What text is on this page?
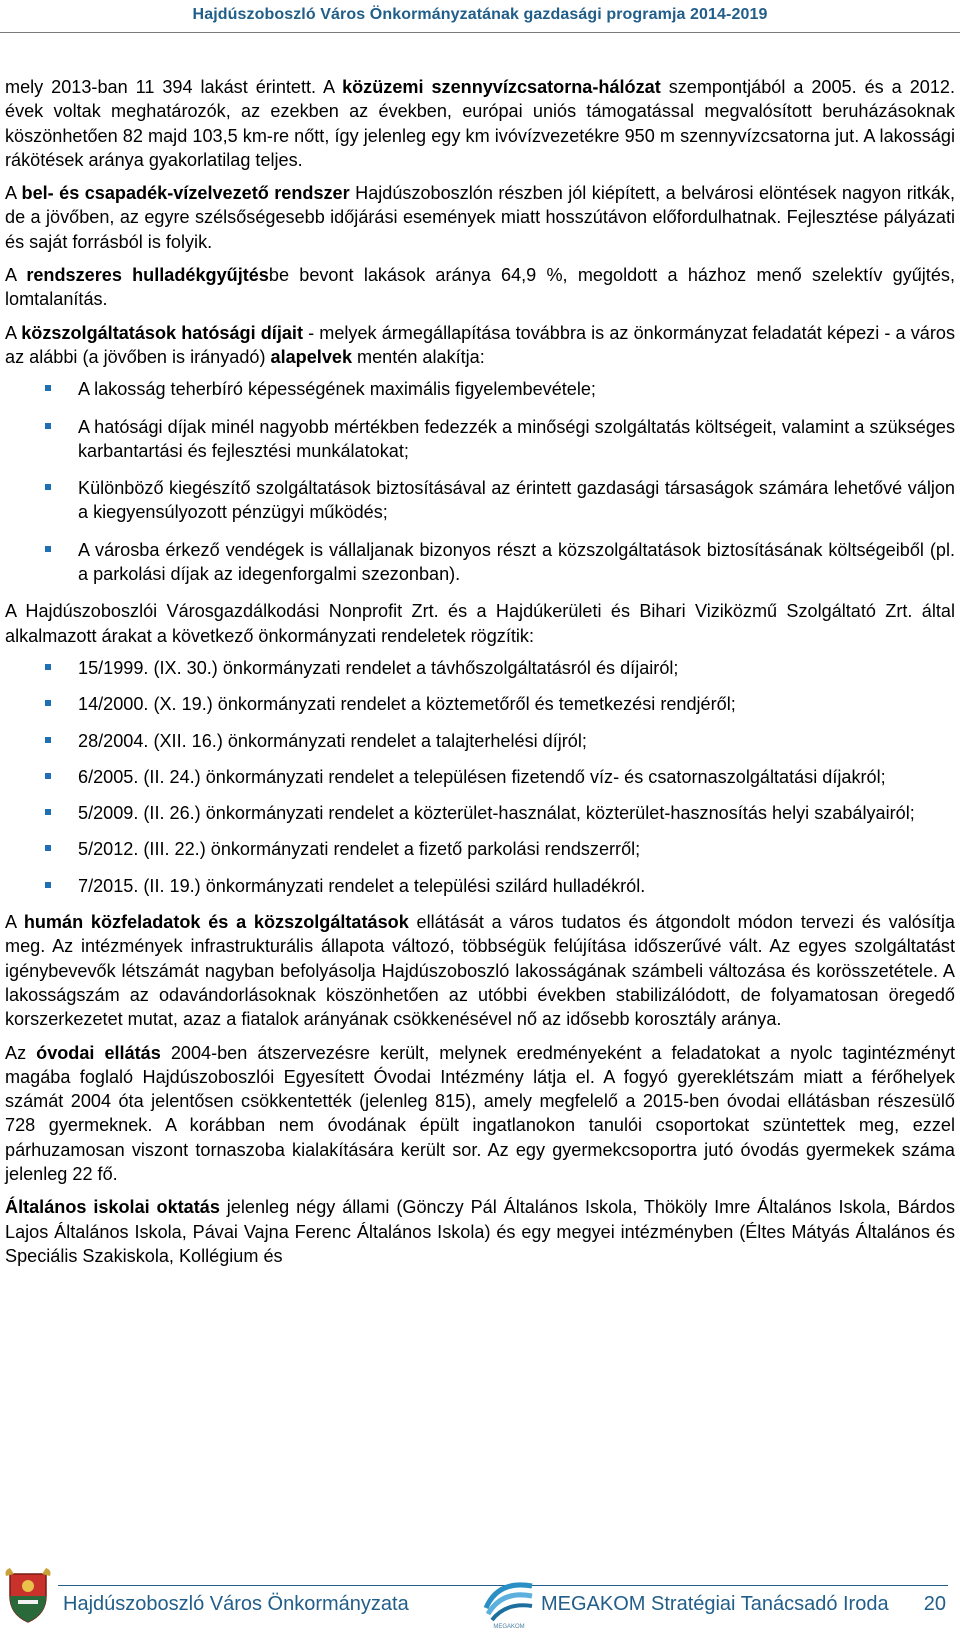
Hajdúszoboszló Város Önkormányzatának gazdasági programja 2014-2019

mely 2013-ban 11 394 lakást érintett. A közüzemi szennyvízcsatorna-hálózat szempontjából a 2005. és a 2012. évek voltak meghatározók, az ezekben az években, európai uniós támogatással megvalósított beruházásoknak köszönhetően 82 majd 103,5 km-re nőtt, így jelenleg egy km ivóvízvezetékre 950 m szennyvízcsatorna jut. A lakossági rákötések aránya gyakorlatilag teljes.

A bel- és csapadék-vízelvezető rendszer Hajdúszoboszlón részben jól kiépített, a belvárosi elöntések nagyon ritkák, de a jövőben, az egyre szélsőségesebb időjárási események miatt hosszútávon előfordulhatnak. Fejlesztése pályázati és saját forrásból is folyik.

A rendszeres hulladékgyűjtésbe bevont lakások aránya 64,9 %, megoldott a házhoz menő szelektív gyűjtés, lomtalanítás.

A közszolgáltatások hatósági díjait - melyek ármegállapítása továbbra is az önkormányzat feladatát képezi - a város az alábbi (a jövőben is irányadó) alapelvek mentén alakítja:

A lakosság teherbíró képességének maximális figyelembevétele;
A hatósági díjak minél nagyobb mértékben fedezzék a minőségi szolgáltatás költségeit, valamint a szükséges karbantartási és fejlesztési munkálatokat;
Különböző kiegészítő szolgáltatások biztosításával az érintett gazdasági társaságok számára lehetővé váljon a kiegyensúlyozott pénzügyi működés;
A városba érkező vendégek is vállaljanak bizonyos részt a közszolgáltatások biztosításának költségeiből (pl. a parkolási díjak az idegenforgalmi szezonban).

A Hajdúszoboszlói Városgazdálkodási Nonprofit Zrt. és a Hajdúkerületi és Bihari Viziközmű Szolgáltató Zrt. által alkalmazott árakat a következő önkormányzati rendeletek rögzítik:

15/1999. (IX. 30.) önkormányzati rendelet a távhőszolgáltatásról és díjairól;
14/2000. (X. 19.) önkormányzati rendelet a köztemetőről és temetkezési rendjéről;
28/2004. (XII. 16.) önkormányzati rendelet a talajterhelési díjról;
6/2005. (II. 24.) önkormányzati rendelet a településen fizetendő víz- és csatornaszolgáltatási díjakról;
5/2009. (II. 26.) önkormányzati rendelet a közterület-használat, közterület-hasznosítás helyi szabályairól;
5/2012. (III. 22.) önkormányzati rendelet a fizető parkolási rendszerről;
7/2015. (II. 19.) önkormányzati rendelet a települési szilárd hulladékról.

A humán közfeladatok és a közszolgáltatások ellátását a város tudatos és átgondolt módon tervezi és valósítja meg. Az intézmények infrastrukturális állapota változó, többségük felújítása időszerűvé vált. Az egyes szolgáltatást igénybevevők létszámát nagyban befolyásolja Hajdúszoboszló lakosságának számbeli változása és korösszetétele. A lakosságszám az odavándorlásoknak köszönhetően az utóbbi években stabilizálódott, de folyamatosan öregedő korszerkezetet mutat, azaz a fiatalok arányának csökkenésével nő az idősebb korosztály aránya.

Az óvodai ellátás 2004-ben átszervezésre került, melynek eredményeként a feladatokat a nyolc tagintézményt magába foglaló Hajdúszoboszlói Egyesített Óvodai Intézmény látja el. A fogyó gyereklétszám miatt a férőhelyek számát 2004 óta jelentősen csökkentették (jelenleg 815), amely megfelelő a 2015-ben óvodai ellátásban részesülő 728 gyermeknek. A korábban nem óvodának épült ingatlanokon tanulói csoportokat szüntettek meg, ezzel párhuzamosan viszont tornaszoba kialakítására került sor. Az egy gyermekcsoportra jutó óvodás gyermekek száma jelenleg 22 fő.

Általános iskolai oktatás jelenleg négy állami (Gönczy Pál Általános Iskola, Thököly Imre Általános Iskola, Bárdos Lajos Általános Iskola, Pávai Vajna Ferenc Általános Iskola) és egy megyei intézményben (Éltes Mátyás Általános és Speciális Szakiskola, Kollégium és

Hajdúszoboszló Város Önkormányzata
MEGAKOM
MEGAKOM Stratégiai Tanácsadó Iroda 20
